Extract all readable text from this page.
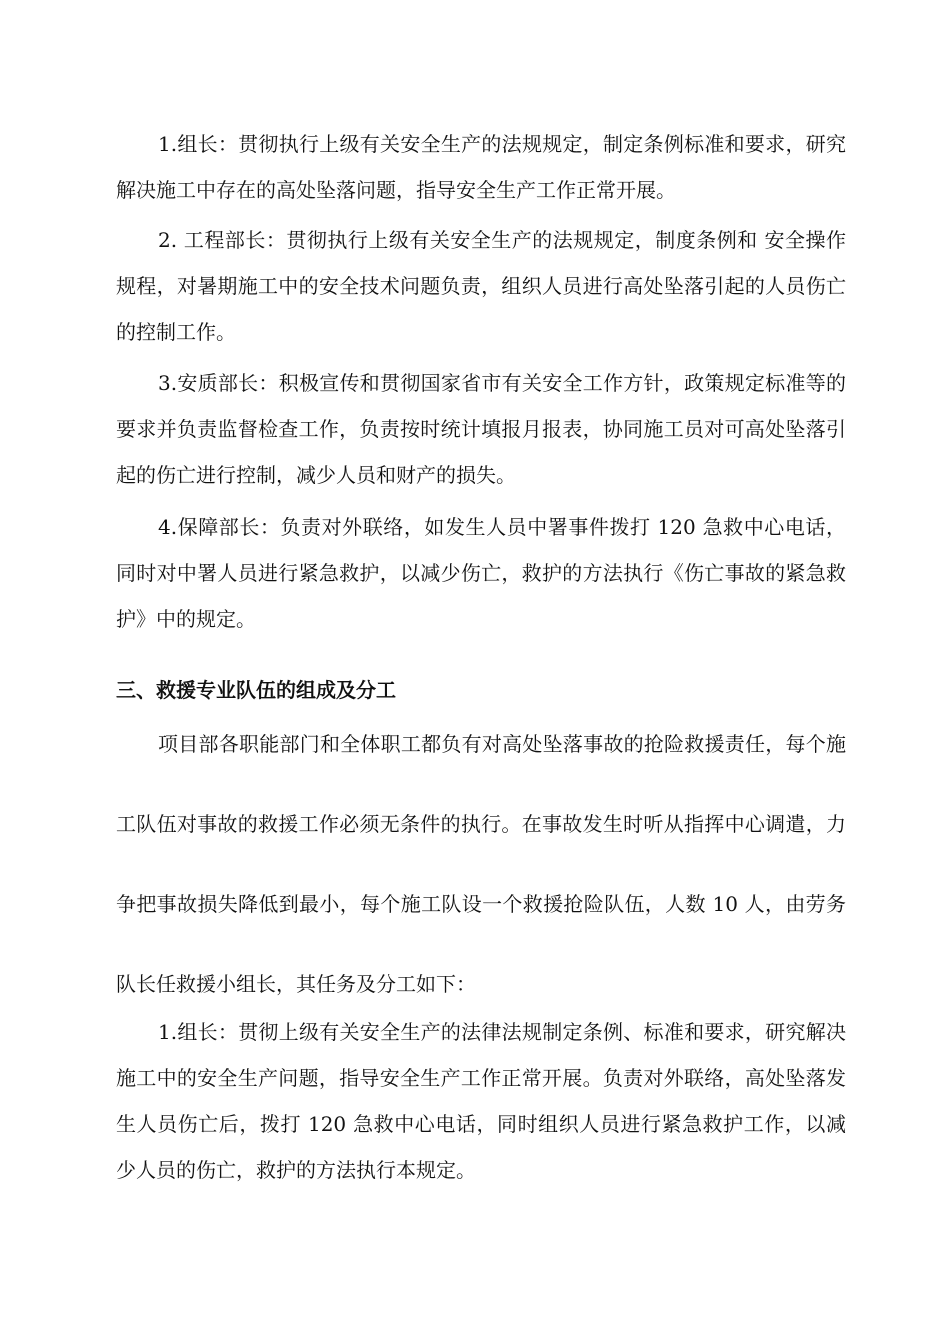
1.组长：贯彻执行上级有关安全生产的法规规定，制定条例标准和要求，研究解决施工中存在的高处坠落问题，指导安全生产工作正常开展。

2. 工程部长：贯彻执行上级有关安全生产的法规规定，制度条例和 安全操作规程，对暑期施工中的安全技术问题负责，组织人员进行高处坠落引起的人员伤亡的控制工作。

3.安质部长：积极宣传和贯彻国家省市有关安全工作方针，政策规定标准等的要求并负责监督检查工作，负责按时统计填报月报表，协同施工员对可高处坠落引起的伤亡进行控制，减少人员和财产的损失。

4.保障部长：负责对外联络，如发生人员中署事件拨打 120 急救中心电话，同时对中署人员进行紧急救护，以减少伤亡，救护的方法执行《伤亡事故的紧急救护》中的规定。

三、救援专业队伍的组成及分工

项目部各职能部门和全体职工都负有对高处坠落事故的抢险救援责任，每个施工队伍对事故的救援工作必须无条件的执行。在事故发生时听从指挥中心调遣，力争把事故损失降低到最小，每个施工队设一个救援抢险队伍，人数 10 人，由劳务队长任救援小组长，其任务及分工如下：

1.组长：贯彻上级有关安全生产的法律法规制定条例、标准和要求，研究解决施工中的安全生产问题，指导安全生产工作正常开展。负责对外联络，高处坠落发生人员伤亡后，拨打 120 急救中心电话，同时组织人员进行紧急救护工作，以减少人员的伤亡，救护的方法执行本规定。
